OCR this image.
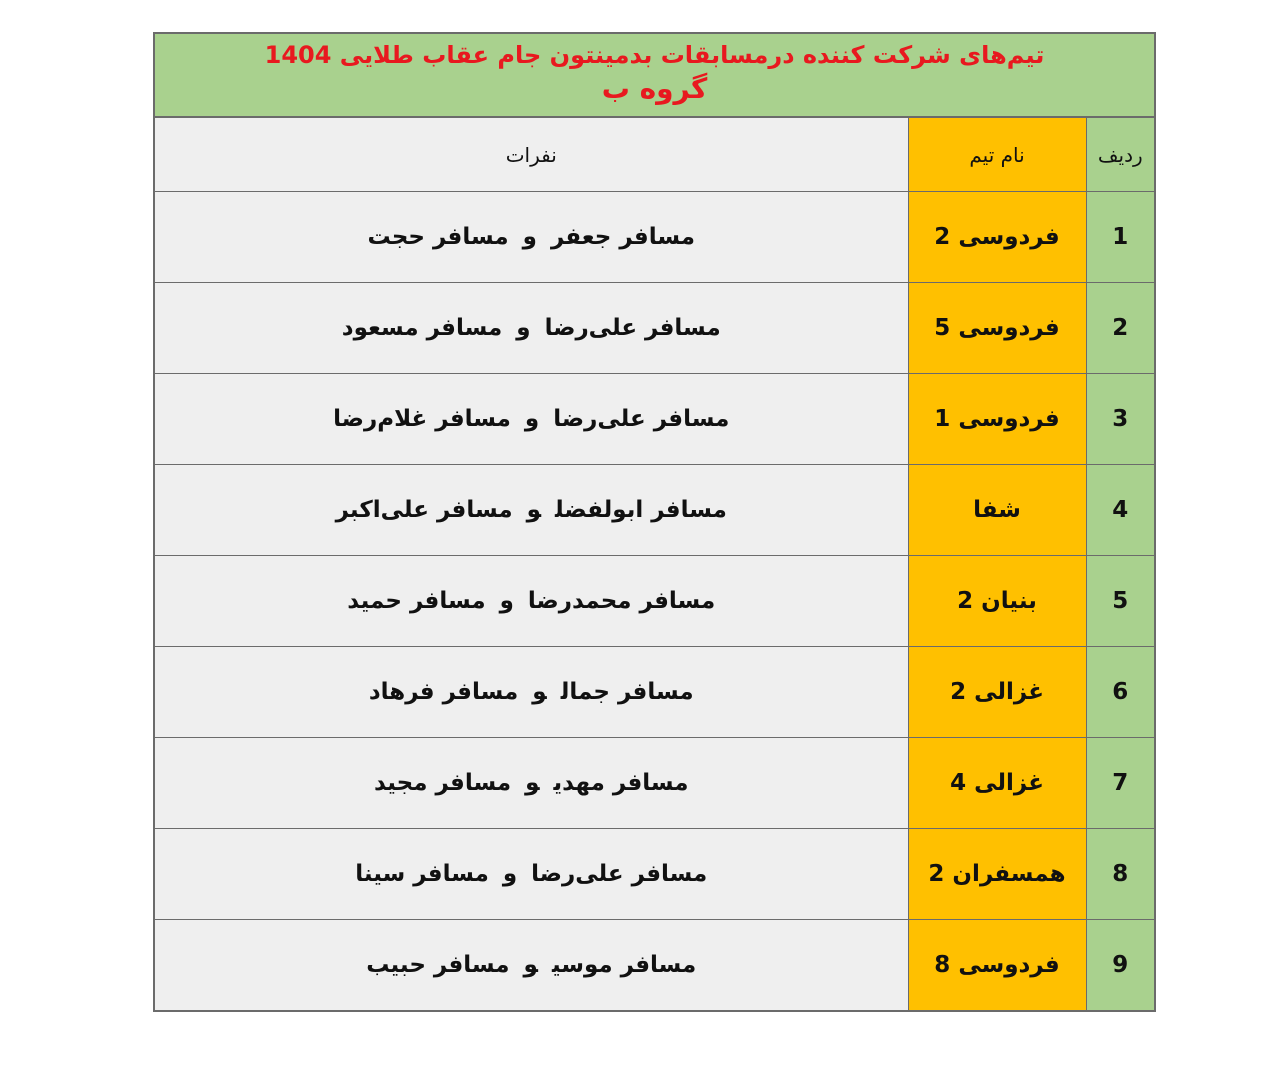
تیم‌های شرکت کننده درمسابقات بدمینتون جام عقاب طلایی 1404
گروه ب
ردیف	نام تیم	نفرات
1	فردوسی 2	مسافر جعفرومسافر حجت
2	فردوسی 5	مسافر علی‌رضاومسافر مسعود
3	فردوسی 1	مسافر علی‌رضاومسافر غلام‌رضا
4	شفا	مسافر ابولفضلومسافر علی‌اکبر
5	بنیان 2	مسافر محمدرضاومسافر حمید
6	غزالی 2	مسافر جمالومسافر فرهاد
7	غزالی 4	مسافر مهدیومسافر مجید
8	همسفران 2	مسافر علی‌رضاومسافر سینا
9	فردوسی 8	مسافر موسیومسافر حبیب
